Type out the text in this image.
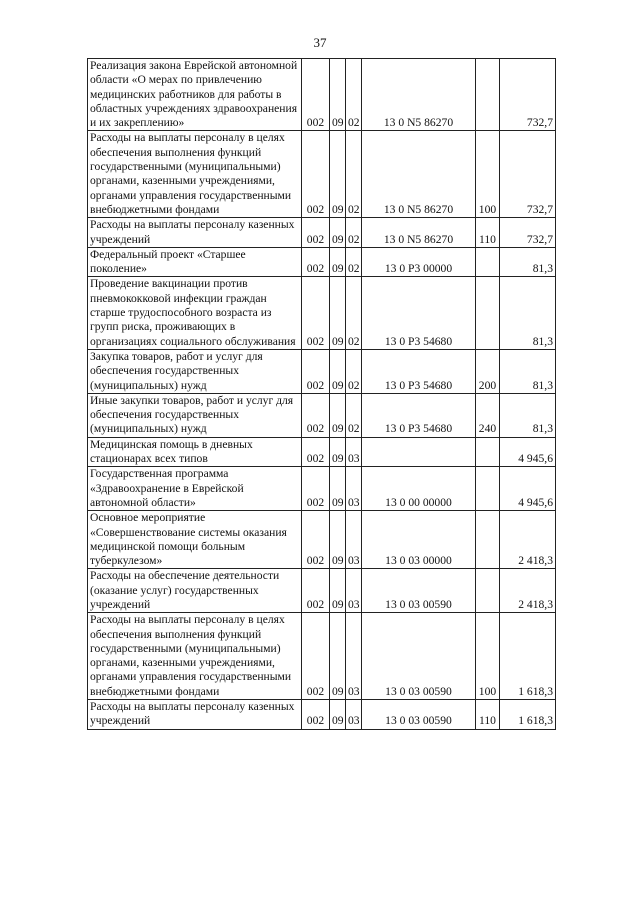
37
Реализация закона Еврейской автономной области «О мерах по привлечению медицинских работников для работы в областных учреждениях здравоохранения и их закреплению»	002	09	02	13 0 N5 86270		732,7
Расходы на выплаты персоналу в целях обеспечения выполнения функций государственными (муниципальными) органами, казенными учреждениями, органами управления государственными внебюджетными фондами	002	09	02	13 0 N5 86270	100	732,7
Расходы на выплаты персоналу казенных учреждений	002	09	02	13 0 N5 86270	110	732,7
Федеральный проект «Старшее поколение»	002	09	02	13 0 P3 00000		81,3
Проведение вакцинации против пневмококковой инфекции граждан старше трудоспособного возраста из групп риска, проживающих в организациях социального обслуживания	002	09	02	13 0 P3 54680		81,3
Закупка товаров, работ и услуг для обеспечения государственных (муниципальных) нужд	002	09	02	13 0 P3 54680	200	81,3
Иные закупки товаров, работ и услуг для обеспечения государственных (муниципальных) нужд	002	09	02	13 0 P3 54680	240	81,3
Медицинская помощь в дневных стационарах всех типов	002	09	03			4 945,6
Государственная программа «Здравоохранение в Еврейской автономной области»	002	09	03	13 0 00 00000		4 945,6
Основное мероприятие «Совершенствование системы оказания медицинской помощи больным туберкулезом»	002	09	03	13 0 03 00000		2 418,3
Расходы на обеспечение деятельности (оказание услуг) государственных учреждений	002	09	03	13 0 03 00590		2 418,3
Расходы на выплаты персоналу в целях обеспечения выполнения функций государственными (муниципальными) органами, казенными учреждениями, органами управления государственными внебюджетными фондами	002	09	03	13 0 03 00590	100	1 618,3
Расходы на выплаты персоналу казенных учреждений	002	09	03	13 0 03 00590	110	1 618,3
